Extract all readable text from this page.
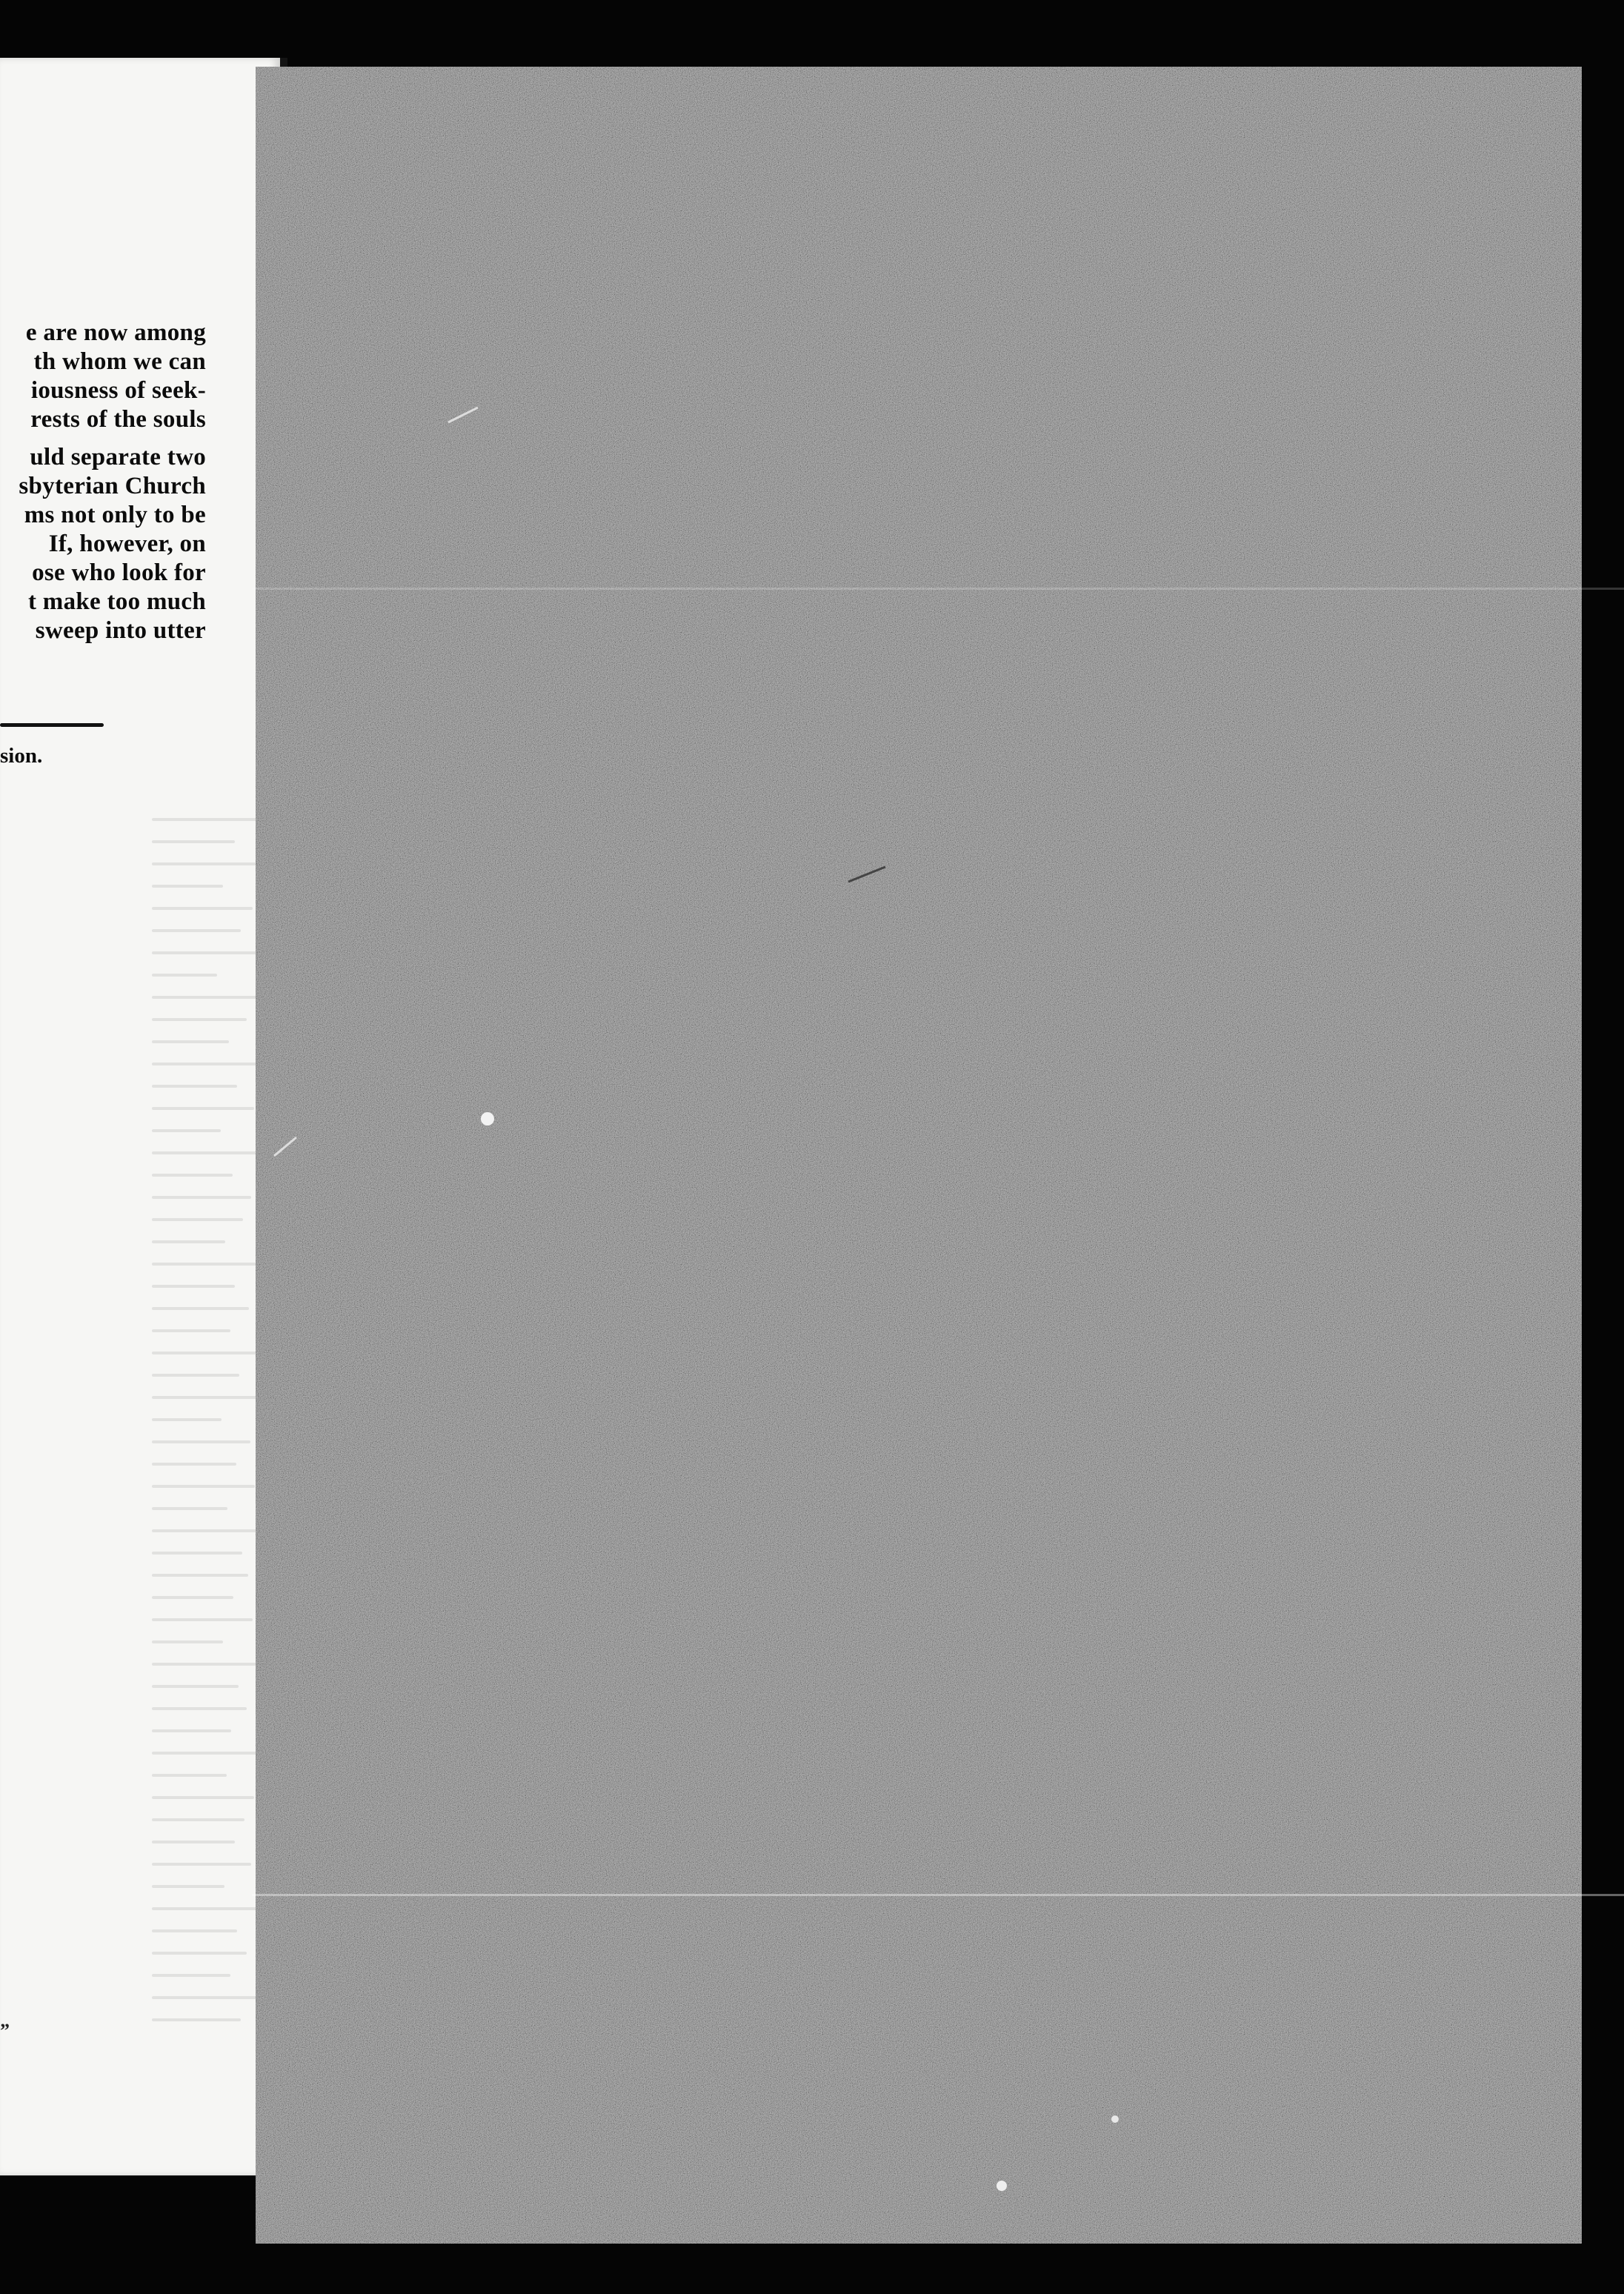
e are now among
th whom we can
iousness of seek-
rests of the souls
uld separate two
sbyterian Church
ms not only to be
If, however, on
ose who look for
t make too much
sweep into utter
sion.
”
